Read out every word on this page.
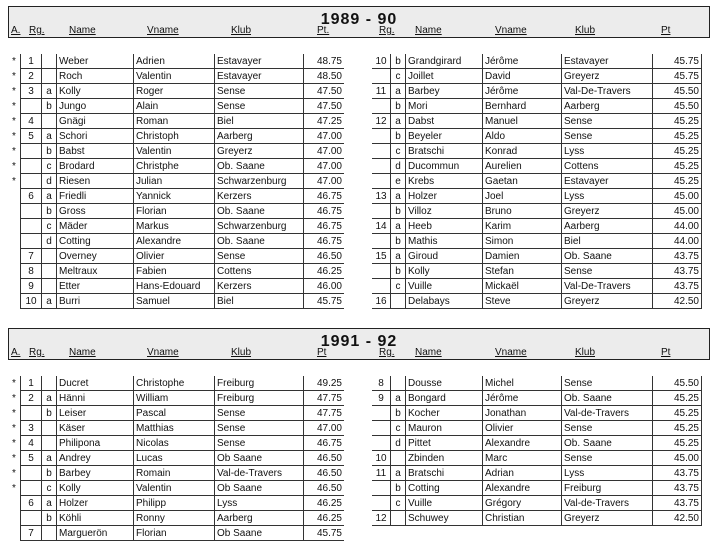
1989 - 90
A. Rg. Name	Vname	Klub	Pt.	Rg. Name	Vname	Klub	Pt
*	1		Weber	Adrien	Estavayer	48.75
*	2		Roch	Valentin	Estavayer	48.50
*	3	a	Kolly	Roger	Sense	47.50
*		b	Jungo	Alain	Sense	47.50
*	4		Gnägi	Roman	Biel	47.25
*	5	a	Schori	Christoph	Aarberg	47.00
*		b	Babst	Valentin	Greyerz	47.00
*		c	Brodard	Christphe	Ob. Saane	47.00
*		d	Riesen	Julian	Schwarzenburg	47.00
	6	a	Friedli	Yannick	Kerzers	46.75
		b	Gross	Florian	Ob. Saane	46.75
		c	Mäder	Markus	Schwarzenburg	46.75
		d	Cotting	Alexandre	Ob. Saane	46.75
	7		Overney	Olivier	Sense	46.50
	8		Meltraux	Fabien	Cottens	46.25
	9		Etter	Hans-Edouard	Kerzers	46.00
	10	a	Burri	Samuel	Biel	45.75
10	b	Grandgirard	Jérôme	Estavayer	45.75
	c	Joillet	David	Greyerz	45.75
11	a	Barbey	Jérôme	Val-De-Travers	45.50
	b	Mori	Bernhard	Aarberg	45.50
12	a	Dabst	Manuel	Sense	45.25
	b	Beyeler	Aldo	Sense	45.25
	c	Bratschi	Konrad	Lyss	45.25
	d	Ducommun	Aurelien	Cottens	45.25
	e	Krebs	Gaetan	Estavayer	45.25
13	a	Holzer	Joel	Lyss	45.00
	b	Villoz	Bruno	Greyerz	45.00
14	a	Heeb	Karim	Aarberg	44.00
	b	Mathis	Simon	Biel	44.00
15	a	Giroud	Damien	Ob. Saane	43.75
	b	Kolly	Stefan	Sense	43.75
	c	Vuille	Mickaël	Val-De-Travers	43.75
16		Delabays	Steve	Greyerz	42.50
1991 - 92
A. Rg. Name	Vname	Klub	Pt	Rg. Name	Vname	Klub	Pt
*	1		Ducret	Christophe	Freiburg	49.25
*	2	a	Hänni	William	Freiburg	47.75
*		b	Leiser	Pascal	Sense	47.75
*	3		Käser	Matthias	Sense	47.00
*	4		Philipona	Nicolas	Sense	46.75
*	5	a	Andrey	Lucas	Ob Saane	46.50
*		b	Barbey	Romain	Val-de-Travers	46.50
*		c	Kolly	Valentin	Ob Saane	46.50
	6	a	Holzer	Philipp	Lyss	46.25
		b	Köhli	Ronny	Aarberg	46.25
	7		Marguerön	Florian	Ob Saane	45.75
8		Dousse	Michel	Sense	45.50
9	a	Bongard	Jérôme	Ob. Saane	45.25
	b	Kocher	Jonathan	Val-de-Travers	45.25
	c	Mauron	Olivier	Sense	45.25
	d	Pittet	Alexandre	Ob. Saane	45.25
10		Zbinden	Marc	Sense	45.00
11	a	Bratschi	Adrian	Lyss	43.75
	b	Cotting	Alexandre	Freiburg	43.75
	c	Vuille	Grégory	Val-de-Travers	43.75
12		Schuwey	Christian	Greyerz	42.50
